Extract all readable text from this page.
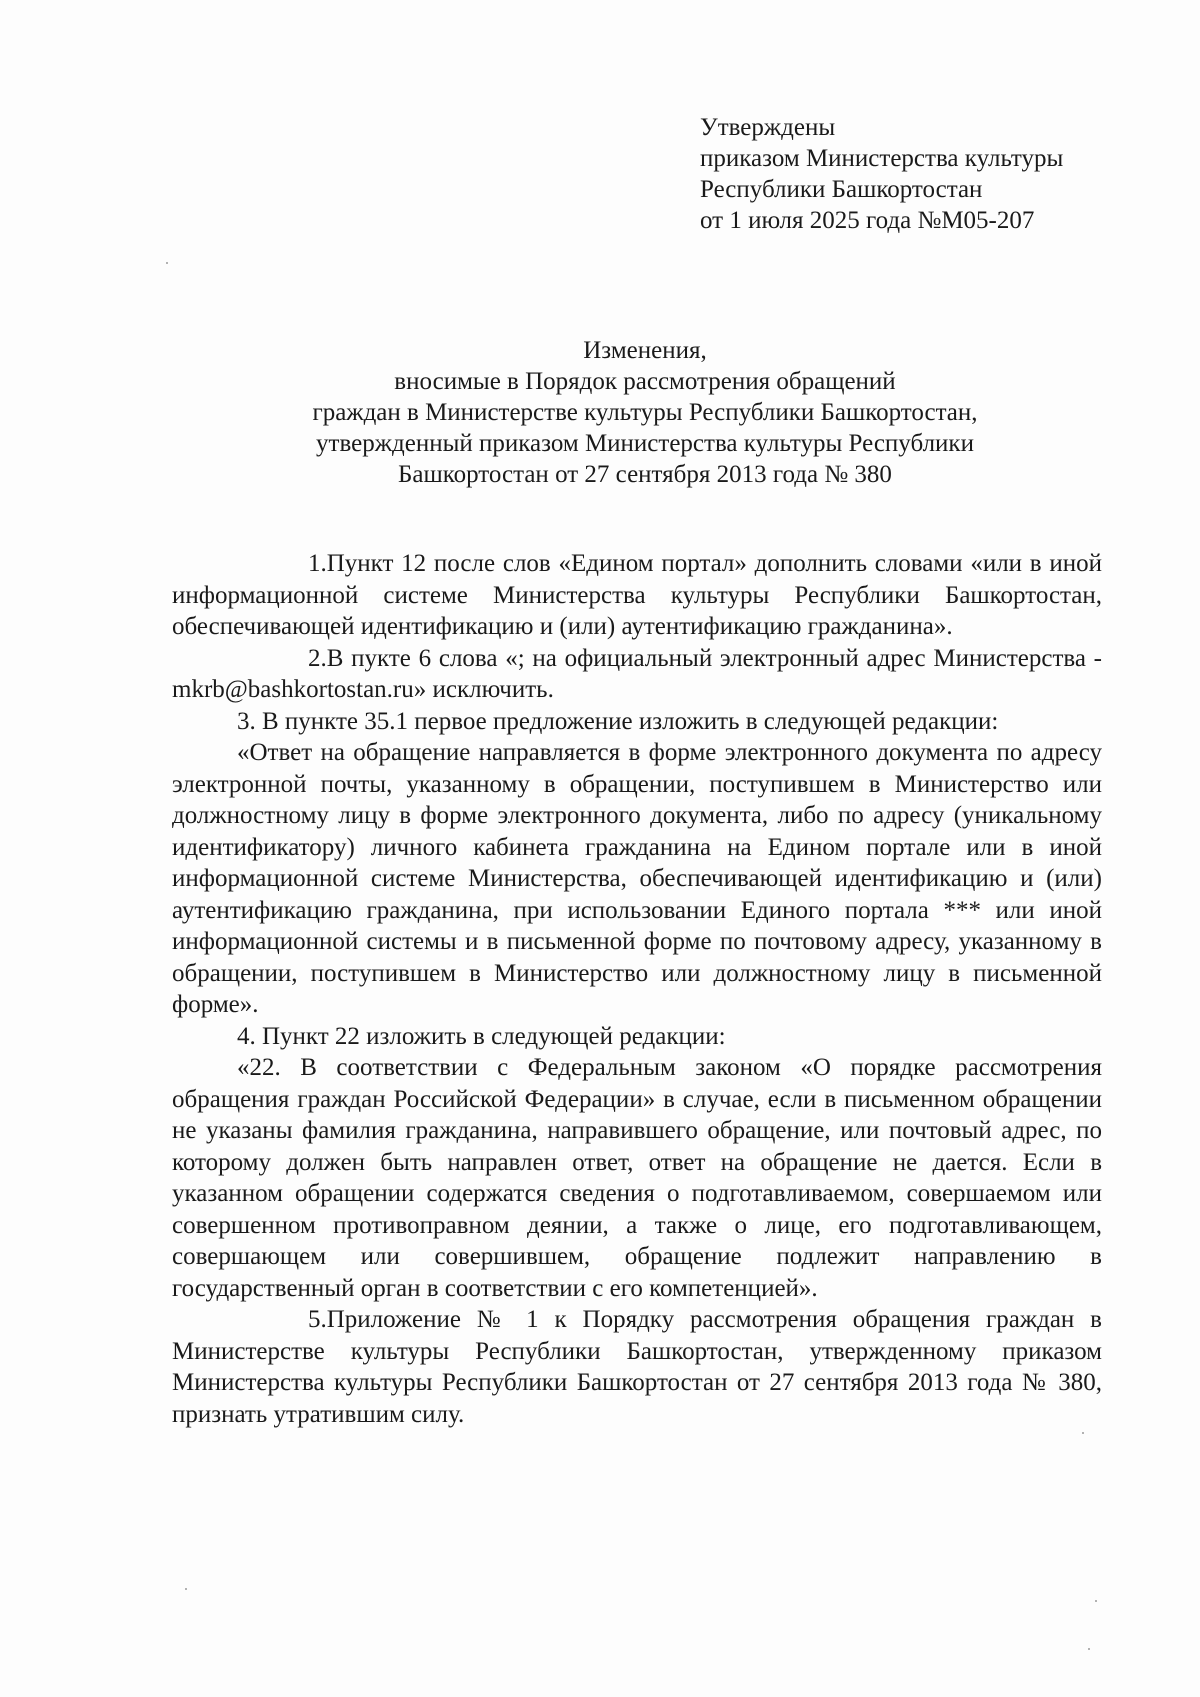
Утверждены
приказом Министерства культуры
Республики Башкортостан
от 1 июля 2025 года №М05-207
Изменения,
вносимые в Порядок рассмотрения обращений
граждан в Министерстве культуры Республики Башкортостан,
утвержденный приказом Министерства культуры Республики
Башкортостан от 27 сентября 2013 года № 380

1.Пункт 12 после слов «Едином портал» дополнить словами «или в иной информационной системе Министерства культуры Республики Башкортостан, обеспечивающей идентификацию и (или) аутентификацию гражданина».

2.В пукте 6 слова «; на официальный электронный адрес Министерства - mkrb@bashkortostan.ru» исключить.

3. В пункте 35.1 первое предложение изложить в следующей редакции:

«Ответ на обращение направляется в форме электронного документа по адресу электронной почты, указанному в обращении, поступившем в Министерство или должностному лицу в форме электронного документа, либо по адресу (уникальному идентификатору) личного кабинета гражданина на Едином портале или в иной информационной системе Министерства, обеспечивающей идентификацию и (или) аутентификацию гражданина, при использовании Единого портала *** или иной информационной системы и в письменной форме по почтовому адресу, указанному в обращении, поступившем в Министерство или должностному лицу в письменной форме».

4. Пункт 22 изложить в следующей редакции:

«22. В соответствии с Федеральным законом «О порядке рассмотрения обращения граждан Российской Федерации» в случае, если в письменном обращении не указаны фамилия гражданина, направившего обращение, или почтовый адрес, по которому должен быть направлен ответ, ответ на обращение не дается. Если в указанном обращении содержатся сведения о подготавливаемом, совершаемом или совершенном противоправном деянии, а также о лице, его подготавливающем, совершающем или совершившем, обращение подлежит направлению в государственный орган в соответствии с его компетенцией».

5.Приложение № 1 к Порядку рассмотрения обращения граждан в Министерстве культуры Республики Башкортостан, утвержденному приказом Министерства культуры Республики Башкортостан от 27 сентября 2013 года № 380, признать утратившим силу.
